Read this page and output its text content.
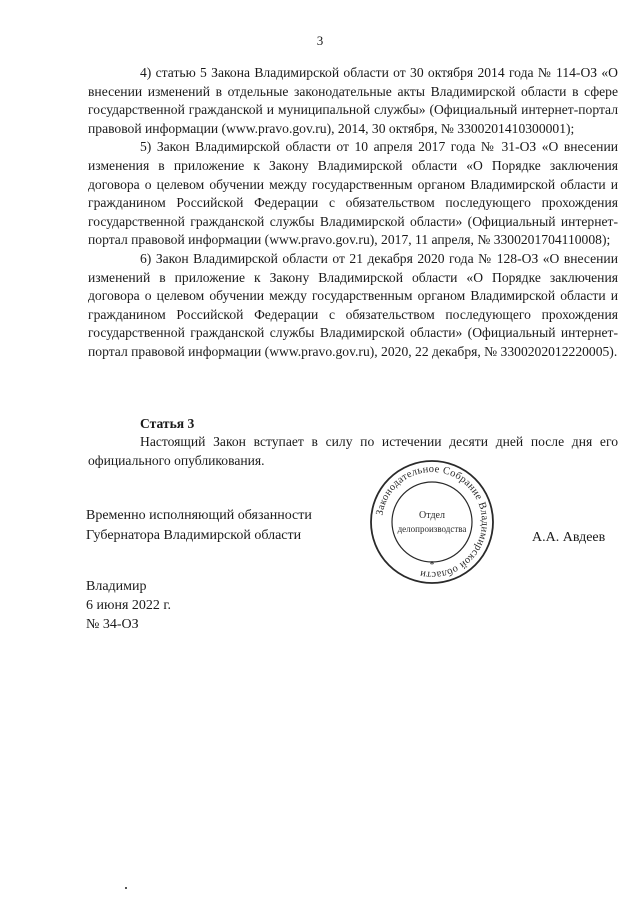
3

4) статью 5 Закона Владимирской области от 30 октября 2014 года № 114-ОЗ «О внесении изменений в отдельные законодательные акты Владимирской области в сфере государственной гражданской и муниципальной службы» (Официальный интернет-портал правовой информации (www.pravo.gov.ru), 2014, 30 октября, № 3300201410300001);

5) Закон Владимирской области от 10 апреля 2017 года № 31-ОЗ «О внесении изменения в приложение к Закону Владимирской области «О Порядке заключения договора о целевом обучении между государственным органом Владимирской области и гражданином Российской Федерации с обязательством последующего прохождения государственной гражданской службы Владимирской области» (Официальный интернет-портал правовой информации (www.pravo.gov.ru), 2017, 11 апреля, № 3300201704110008);

6) Закон Владимирской области от 21 декабря 2020 года № 128-ОЗ «О внесении изменений в приложение к Закону Владимирской области «О Порядке заключения договора о целевом обучении между государственным органом Владимирской области и гражданином Российской Федерации с обязательством последующего прохождения государственной гражданской службы Владимирской области» (Официальный интернет-портал правовой информации (www.pravo.gov.ru), 2020, 22 декабря, № 3300202012220005).

Статья 3

Настоящий Закон вступает в силу по истечении десяти дней после дня его официального опубликования.

Временно исполняющий обязанности
Губернатора Владимирской области
Законодательное Собрание Владимирской области
*
Отдел
делопроизводства
А.А. Авдеев
Владимир
6 июня 2022 г.
№ 34-ОЗ
